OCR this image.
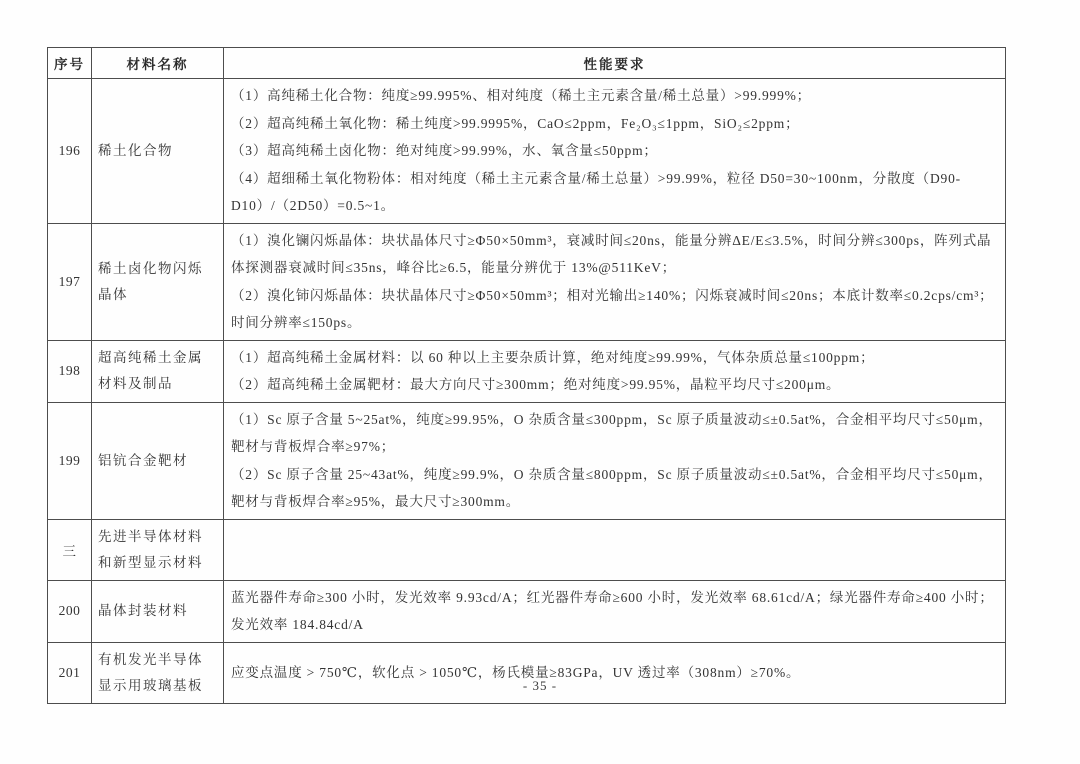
序号	材料名称	性能要求
196	稀土化合物	（1）高纯稀土化合物：纯度≥99.995%、相对纯度（稀土主元素含量/稀土总量）>99.999%；
（2）超高纯稀土氧化物：稀土纯度>99.9995%，CaO≤2ppm，Fe₂O₃≤1ppm，SiO₂≤2ppm；
（3）超高纯稀土卤化物：绝对纯度>99.99%，水、氧含量≤50ppm；
（4）超细稀土氧化物粉体：相对纯度（稀土主元素含量/稀土总量）>99.99%，粒径 D50=30~100nm，分散度（D90-D10）/（2D50）=0.5~1。

197	稀土卤化物闪烁晶体	（1）溴化镧闪烁晶体：块状晶体尺寸≥Φ50×50mm³，衰减时间≤20ns，能量分辨ΔE/E≤3.5%，时间分辨≤300ps，阵列式晶体探测器衰减时间≤35ns，峰谷比≥6.5，能量分辨优于 13%@511KeV；
（2）溴化铈闪烁晶体：块状晶体尺寸≥Φ50×50mm³；相对光输出≥140%；闪烁衰减时间≤20ns；本底计数率≤0.2cps/cm³；时间分辨率≤150ps。

198	超高纯稀土金属材料及制品	（1）超高纯稀土金属材料：以 60 种以上主要杂质计算，绝对纯度≥99.99%，气体杂质总量≤100ppm；
（2）超高纯稀土金属靶材：最大方向尺寸≥300mm；绝对纯度>99.95%，晶粒平均尺寸≤200μm。

199	铝钪合金靶材	（1）Sc 原子含量 5~25at%，纯度≥99.95%，O 杂质含量≤300ppm，Sc 原子质量波动≤±0.5at%，合金相平均尺寸≤50μm，靶材与背板焊合率≥97%；
（2）Sc 原子含量 25~43at%，纯度≥99.9%，O 杂质含量≤800ppm，Sc 原子质量波动≤±0.5at%，合金相平均尺寸≤50μm，靶材与背板焊合率≥95%，最大尺寸≥300mm。

三	先进半导体材料和新型显示材料	
200	晶体封装材料	蓝光器件寿命≥300 小时，发光效率 9.93cd/A；红光器件寿命≥600 小时，发光效率 68.61cd/A；绿光器件寿命≥400 小时；发光效率 184.84cd/A

201	有机发光半导体显示用玻璃基板	应变点温度 > 750℃，软化点 > 1050℃，杨氏模量≥83GPa，UV 透过率（308nm）≥70%。
- 35 -
